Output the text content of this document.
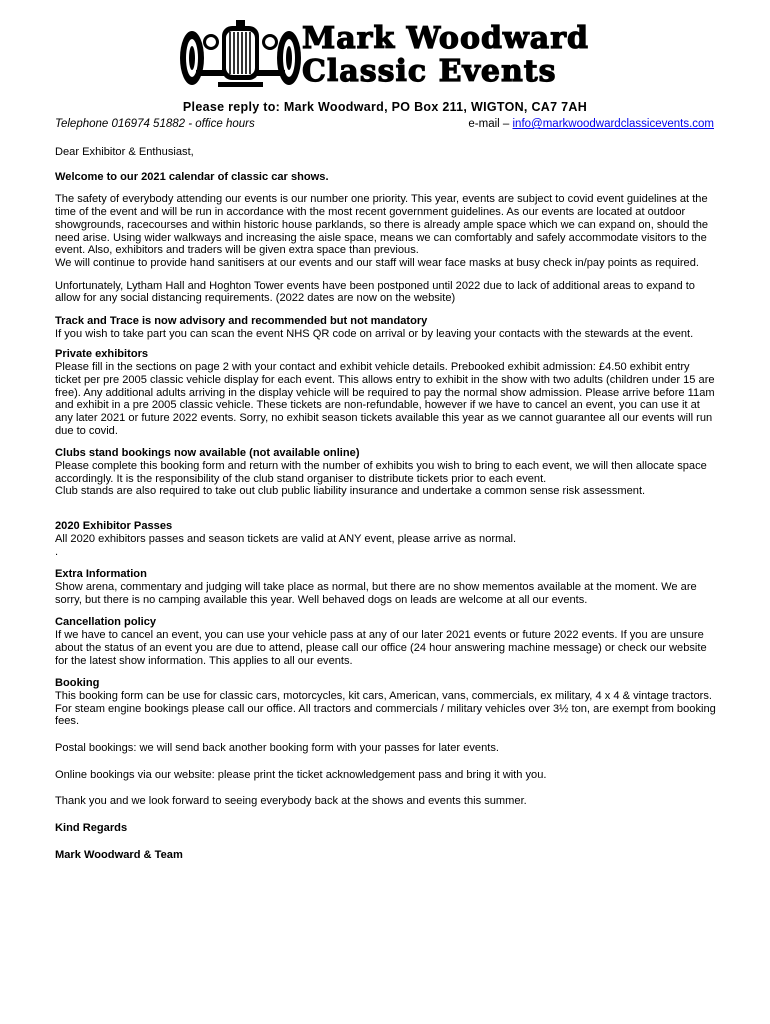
Mark Woodward
Classic Events
Please reply to: Mark Woodward, PO Box 211, WIGTON, CA7 7AH
Telephone 016974 51882 - office hours	e-mail – info@markwoodwardclassicevents.com

Dear Exhibitor & Enthusiast,

Welcome to our 2021 calendar of classic car shows.

The safety of everybody attending our events is our number one priority. This year, events are subject to covid event guidelines at the time of the event and will be run in accordance with the most recent government guidelines. As our events are located at outdoor showgrounds, racecourses and within historic house parklands, so there is already ample space which we can expand on, should the need arise. Using wider walkways and increasing the aisle space, means we can comfortably and safely accommodate visitors to the event. Also, exhibitors and traders will be given extra space than previous.
We will continue to provide hand sanitisers at our events and our staff will wear face masks at busy check in/pay points as required.

Unfortunately, Lytham Hall and Hoghton Tower events have been postponed until 2022 due to lack of additional areas to expand to allow for any social distancing requirements. (2022 dates are now on the website)

Track and Trace is now advisory and recommended but not mandatory
If you wish to take part you can scan the event NHS QR code on arrival or by leaving your contacts with the stewards at the event.

Private exhibitors
Please fill in the sections on page 2 with your contact and exhibit vehicle details. Prebooked exhibit admission: £4.50 exhibit entry ticket per pre 2005 classic vehicle display for each event. This allows entry to exhibit in the show with two adults (children under 15 are free). Any additional adults arriving in the display vehicle will be required to pay the normal show admission. Please arrive before 11am and exhibit in a pre 2005 classic vehicle. These tickets are non-refundable, however if we have to cancel an event, you can use it at any later 2021 or future 2022 events. Sorry, no exhibit season tickets available this year as we cannot guarantee all our events will run due to covid.

Clubs stand bookings now available (not available online)
Please complete this booking form and return with the number of exhibits you wish to bring to each event, we will then allocate space accordingly. It is the responsibility of the club stand organiser to distribute tickets prior to each event.
Club stands are also required to take out club public liability insurance and undertake a common sense risk assessment.

2020 Exhibitor Passes
All 2020 exhibitors passes and season tickets are valid at ANY event, please arrive as normal.
.

Extra Information
Show arena, commentary and judging will take place as normal, but there are no show mementos available at the moment. We are sorry, but there is no camping available this year. Well behaved dogs on leads are welcome at all our events.

Cancellation policy
If we have to cancel an event, you can use your vehicle pass at any of our later 2021 events or future 2022 events. If you are unsure about the status of an event you are due to attend, please call our office (24 hour answering machine message) or check our website for the latest show information. This applies to all our events.

Booking
This booking form can be use for classic cars, motorcycles, kit cars, American, vans, commercials, ex military, 4 x 4 & vintage tractors. For steam engine bookings please call our office. All tractors and commercials / military vehicles over 3½ ton, are exempt from booking fees.

Postal bookings: we will send back another booking form with your passes for later events.

Online bookings via our website: please print the ticket acknowledgement pass and bring it with you.

Thank you and we look forward to seeing everybody back at the shows and events this summer.

Kind Regards

Mark Woodward & Team
